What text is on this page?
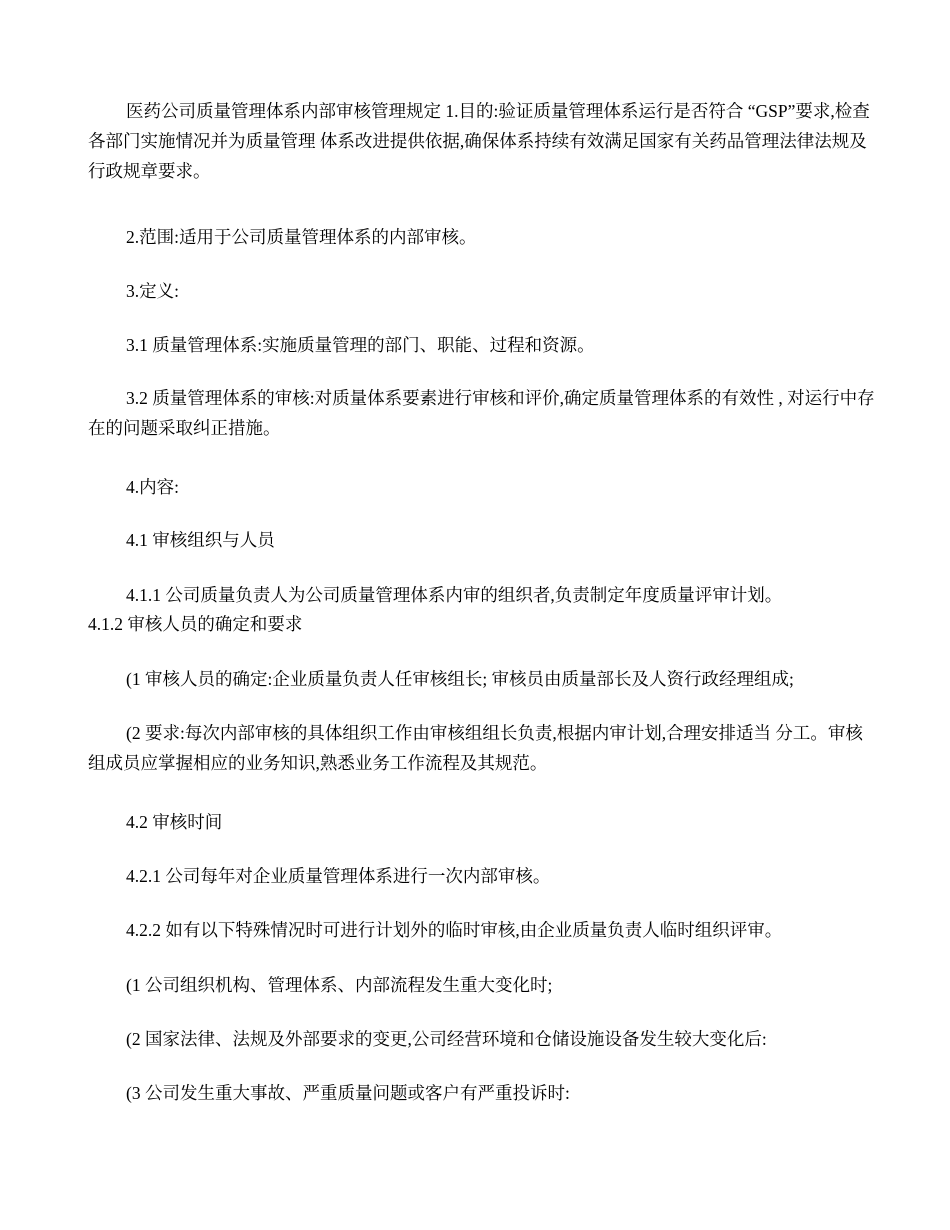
医药公司质量管理体系内部审核管理规定 1.目的:验证质量管理体系运行是否符合 “GSP”要求,检查各部门实施情况并为质量管理 体系改进提供依据,确保体系持续有效满足国家有关药品管理法律法规及行政规章要求。

2.范围:适用于公司质量管理体系的内部审核。

3.定义:

3.1 质量管理体系:实施质量管理的部门、职能、过程和资源。

3.2 质量管理体系的审核:对质量体系要素进行审核和评价,确定质量管理体系的有效性 , 对运行中存在的问题采取纠正措施。

4.内容:

4.1 审核组织与人员

4.1.1 公司质量负责人为公司质量管理体系内审的组织者,负责制定年度质量评审计划。

4.1.2 审核人员的确定和要求

(1 审核人员的确定:企业质量负责人任审核组长; 审核员由质量部长及人资行政经理组成;

(2 要求:每次内部审核的具体组织工作由审核组组长负责,根据内审计划,合理安排适当 分工。审核组成员应掌握相应的业务知识,熟悉业务工作流程及其规范。

4.2 审核时间

4.2.1 公司每年对企业质量管理体系进行一次内部审核。

4.2.2 如有以下特殊情况时可进行计划外的临时审核,由企业质量负责人临时组织评审。

(1 公司组织机构、管理体系、内部流程发生重大变化时;

(2 国家法律、法规及外部要求的变更,公司经营环境和仓储设施设备发生较大变化后:

(3 公司发生重大事故、严重质量问题或客户有严重投诉时:
